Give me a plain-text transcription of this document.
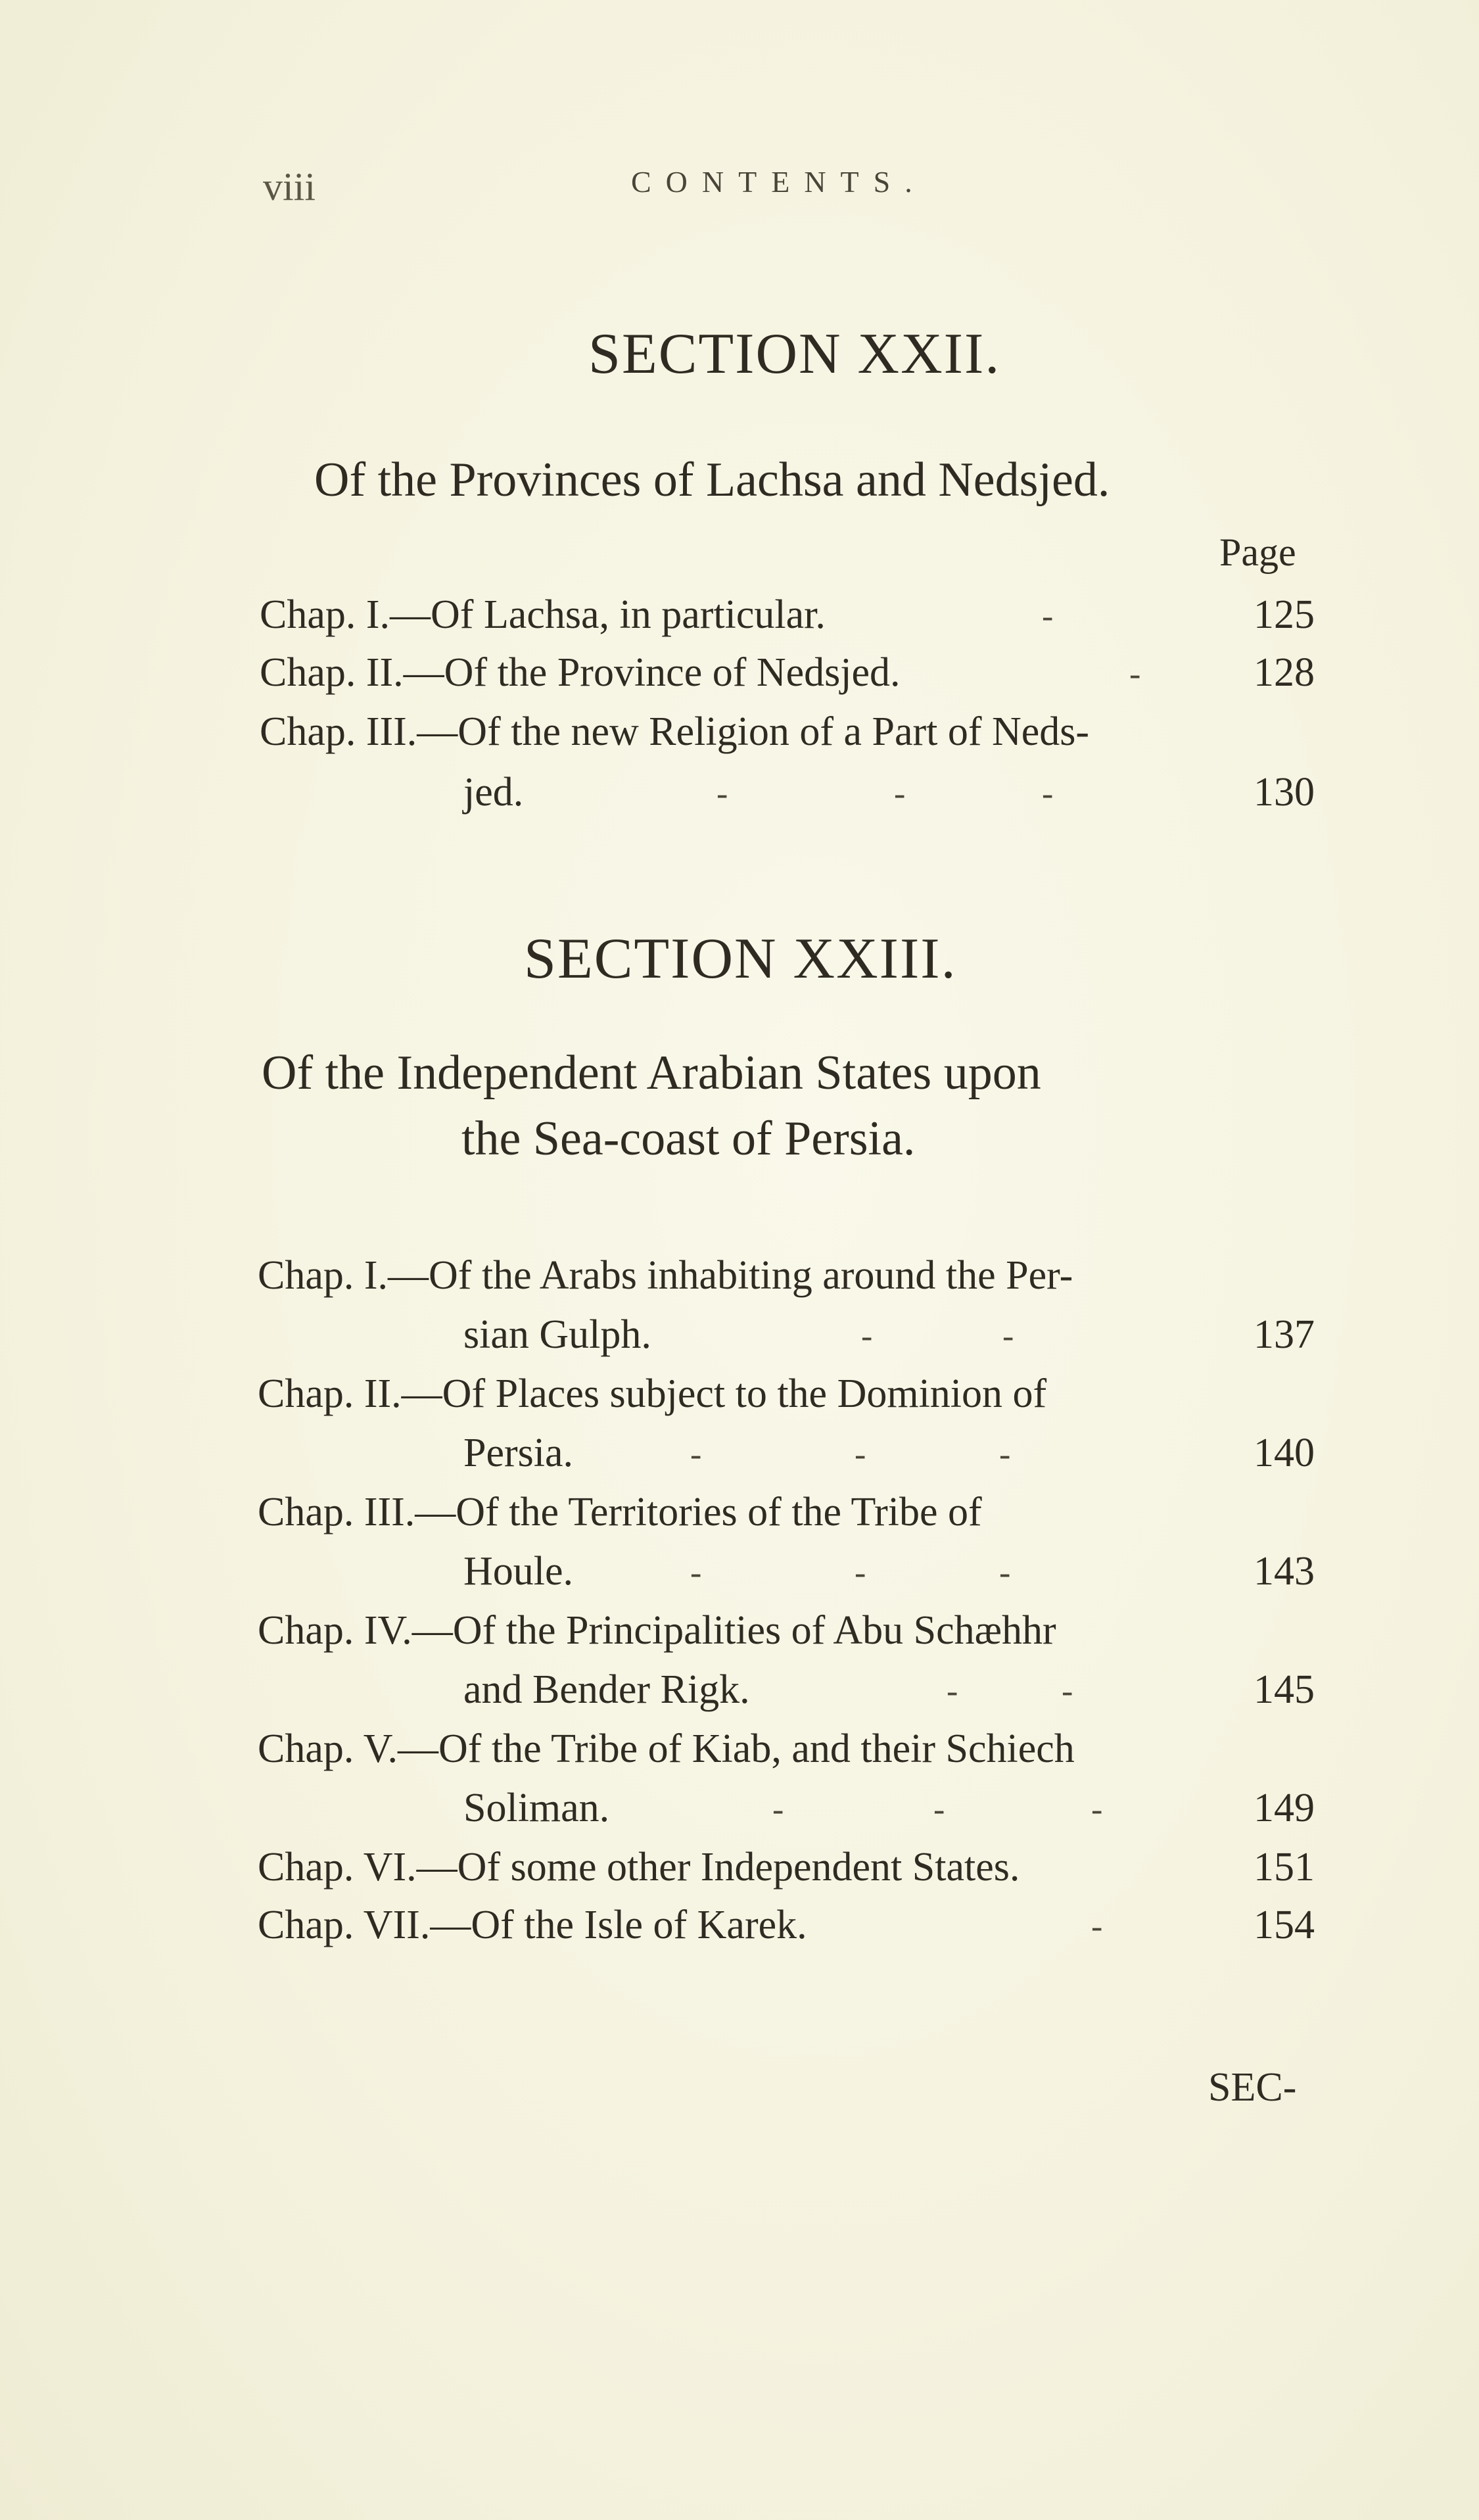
viii	CONTENTS.
SECTION XXII.
Of the Provinces of Lachsa and Nedsjed.
Page
Chap. I.—Of Lachsa, in particular.	-	125
Chap. II.—Of the Province of Nedsjed.	-	128
Chap. III.—Of the new Religion of a Part of Neds-
jed.	-	-	-	130
SECTION XXIII.
Of the Independent Arabian States upon
the Sea-coast of Persia.
Chap. I.—Of the Arabs inhabiting around the Per-
sian Gulph.	-	-	137
Chap. II.—Of Places subject to the Dominion of
Persia.	-	-	-	140
Chap. III.—Of the Territories of the Tribe of
Houle.	-	-	-	143
Chap. IV.—Of the Principalities of Abu Schæhhr
and Bender Rigk.	-	-	145
Chap. V.—Of the Tribe of Kiab, and their Schiech
Soliman.	-	-	-	149
Chap. VI.—Of some other Independent States.	151
Chap. VII.—Of the Isle of Karek.	-	154
SEC-
